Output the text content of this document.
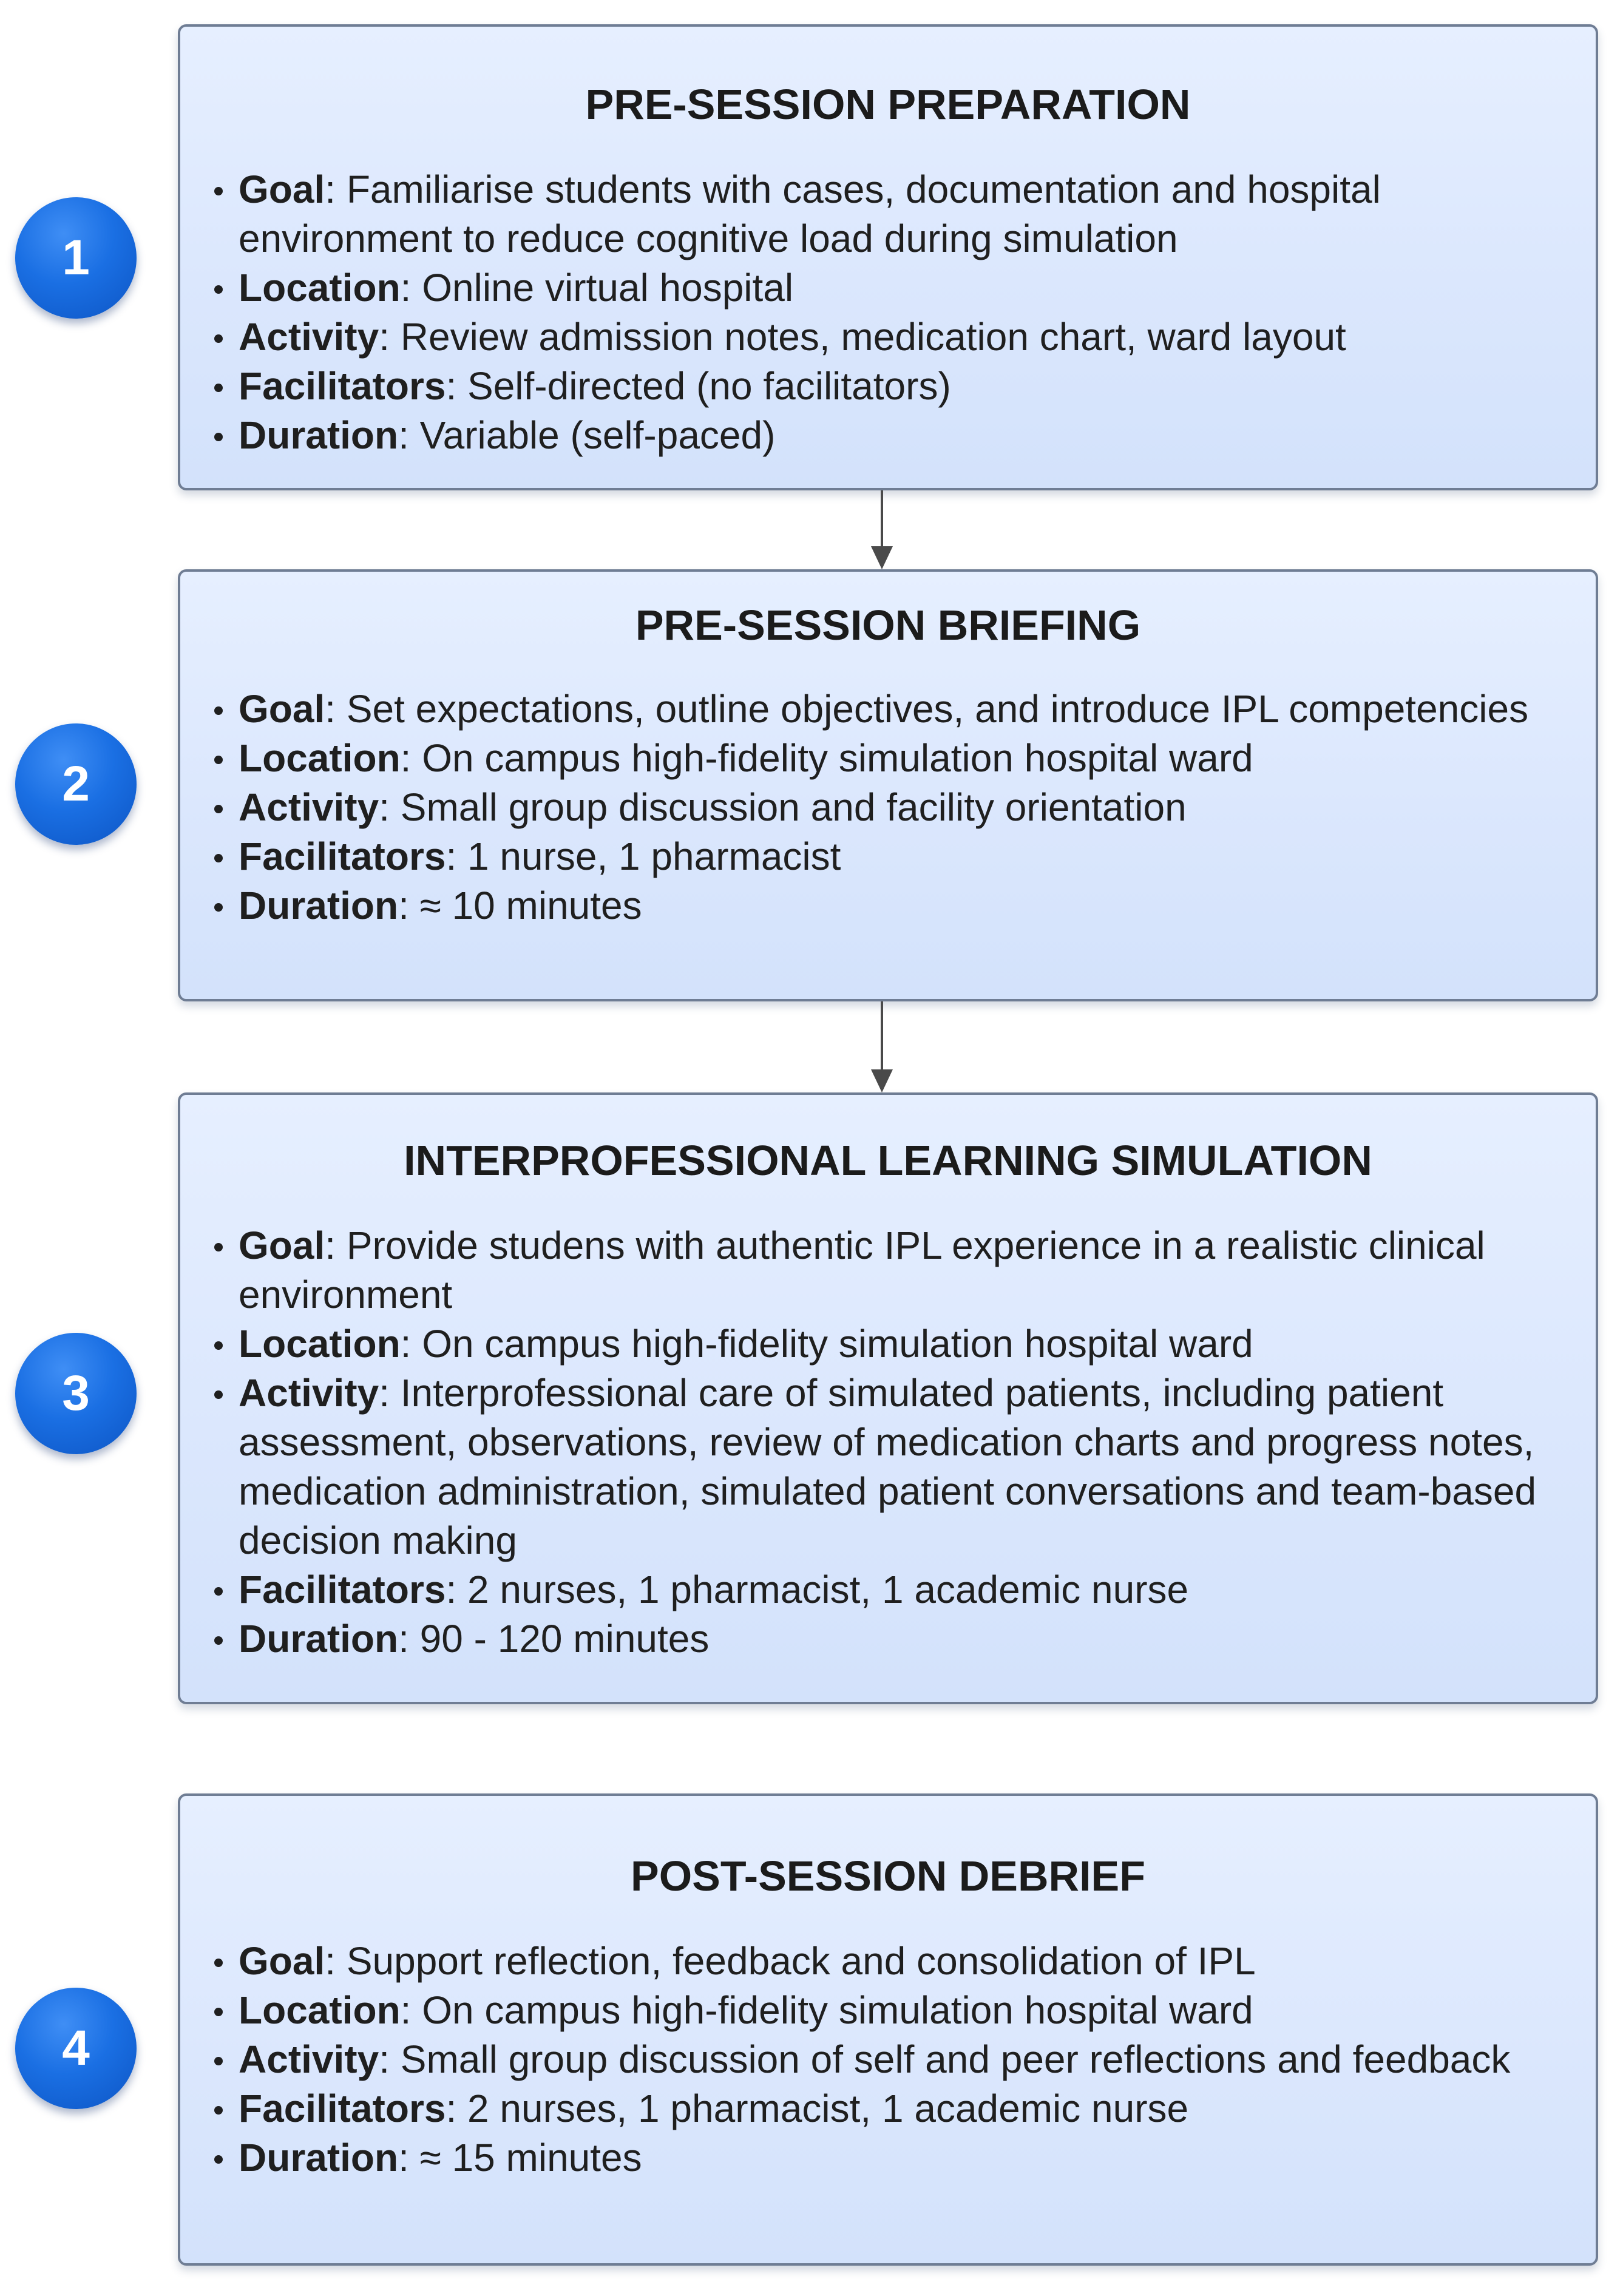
1
PRE-SESSION PREPARATION
Goal: Familiarise students with cases, documentation and hospital environment to reduce cognitive load during simulation
Location: Online virtual hospital
Activity: Review admission notes, medication chart, ward layout
Facilitators: Self-directed (no facilitators)
Duration: Variable (self-paced)
2
PRE-SESSION BRIEFING
Goal: Set expectations, outline objectives, and introduce IPL competencies
Location: On campus high-fidelity simulation hospital ward
Activity: Small group discussion and facility orientation
Facilitators: 1 nurse, 1 pharmacist
Duration: ≈ 10 minutes
3
INTERPROFESSIONAL LEARNING SIMULATION
Goal: Provide studens with authentic IPL experience in a realistic clinical environment
Location: On campus high-fidelity simulation hospital ward
Activity: Interprofessional care of simulated patients, including patient assessment, observations, review of medication charts and progress notes, medication administration, simulated patient conversations and team-based decision making
Facilitators: 2 nurses, 1 pharmacist, 1 academic nurse
Duration: 90 - 120 minutes
4
POST-SESSION DEBRIEF
Goal: Support reflection, feedback and consolidation of IPL
Location: On campus high-fidelity simulation hospital ward
Activity: Small group discussion of self and peer reflections and feedback
Facilitators: 2 nurses, 1 pharmacist, 1 academic nurse
Duration: ≈ 15 minutes
